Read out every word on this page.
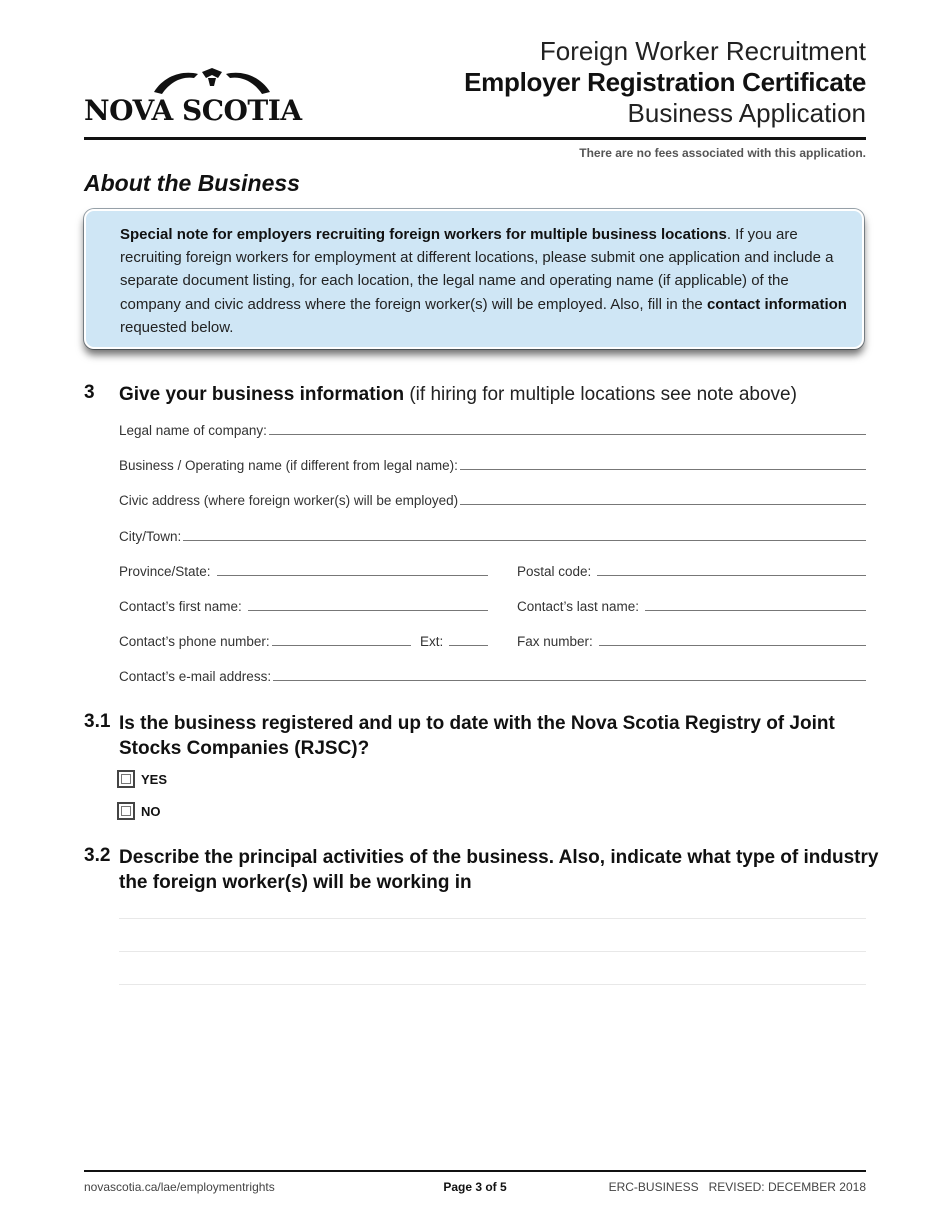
NOVA SCOTIA
Foreign Worker Recruitment
Employer Registration Certificate
Business Application
There are no fees associated with this application.
About the Business
Special note for employers recruiting foreign workers for multiple business locations. If you are recruiting foreign workers for employment at different locations, please submit one application and include a separate document listing, for each location, the legal name and operating name (if applicable) of the company and civic address where the foreign worker(s) will be employed. Also, fill in the contact information requested below.
3	Give your business information (if hiring for multiple locations see note above)
Legal name of company:
Business / Operating name (if different from legal name):
Civic address (where foreign worker(s) will be employed)
City/Town:
Province/State:	Postal code:
Contact’s first name:	Contact’s last name:
Contact’s phone number:	Ext:	Fax number:
Contact’s e-mail address:
3.1 Is the business registered and up to date with the Nova Scotia Registry of Joint Stocks Companies (RJSC)?
YES
NO
3.2 Describe the principal activities of the business. Also, indicate what type of industry the foreign worker(s) will be working in
novascotia.ca/lae/employmentrights	Page 3 of 5	ERC-BUSINESS REVISED: DECEMBER 2018
